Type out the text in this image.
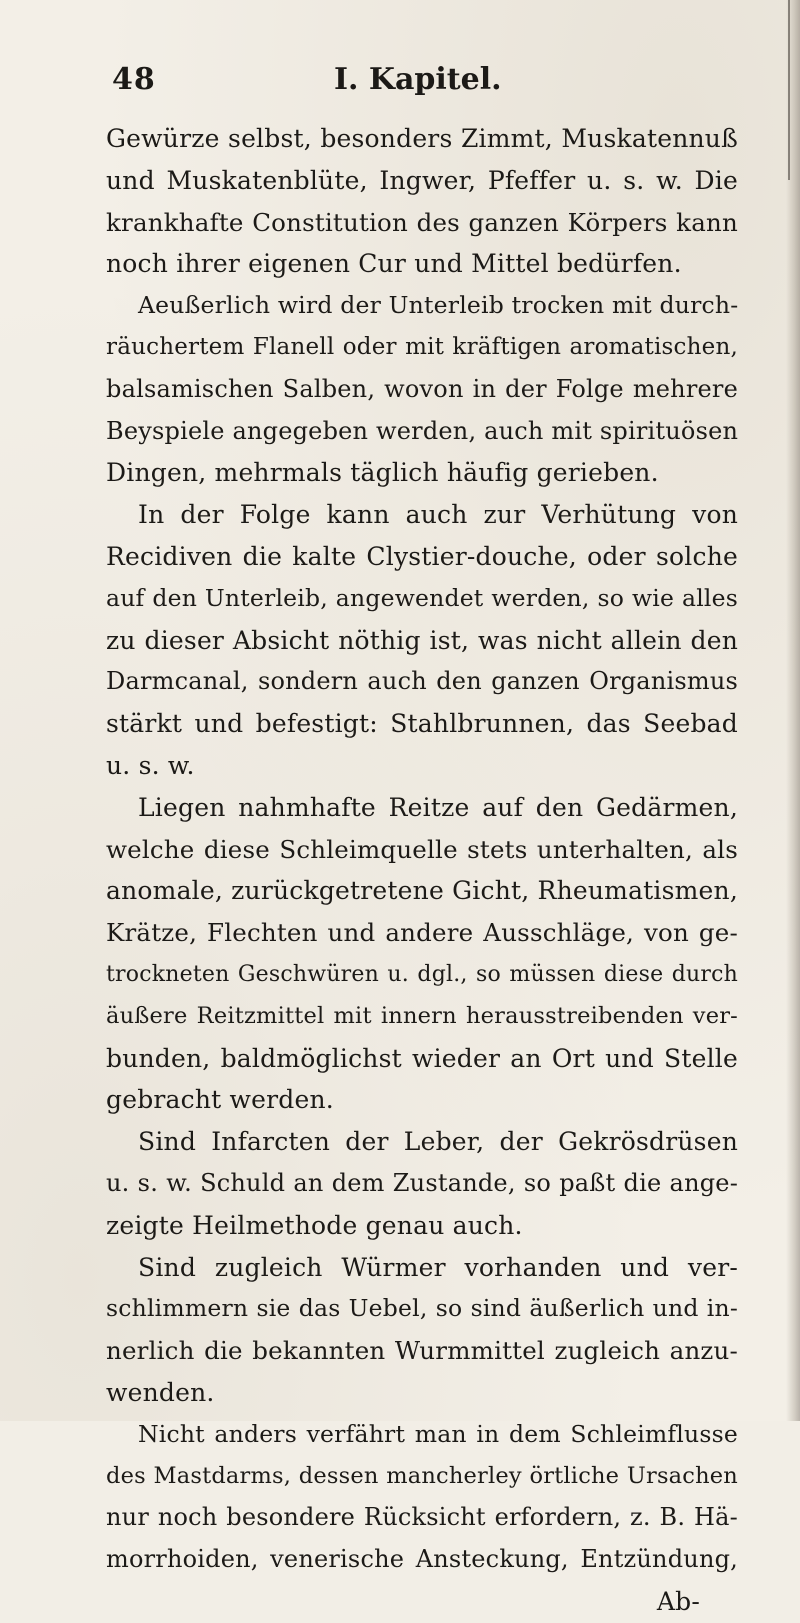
48	I. Kapitel.
Gewürze selbst, besonders Zimmt, Muskatennuß
und Muskatenblüte, Ingwer, Pfeffer u. s. w. Die
krankhafte Constitution des ganzen Körpers kann
noch ihrer eigenen Cur und Mittel bedürfen.
Aeußerlich wird der Unterleib trocken mit durch-
räuchertem Flanell oder mit kräftigen aromatischen,
balsamischen Salben, wovon in der Folge mehrere
Beyspiele angegeben werden, auch mit spirituösen
Dingen, mehrmals täglich häufig gerieben.
In der Folge kann auch zur Verhütung von
Recidiven die kalte Clystier-douche, oder solche
auf den Unterleib, angewendet werden, so wie alles
zu dieser Absicht nöthig ist, was nicht allein den
Darmcanal, sondern auch den ganzen Organismus
stärkt und befestigt: Stahlbrunnen, das Seebad
u. s. w.
Liegen nahmhafte Reitze auf den Gedärmen,
welche diese Schleimquelle stets unterhalten, als
anomale, zurückgetretene Gicht, Rheumatismen,
Krätze, Flechten und andere Ausschläge, von ge-
trockneten Geschwüren u. dgl., so müssen diese durch
äußere Reitzmittel mit innern herausstreibenden ver-
bunden, baldmöglichst wieder an Ort und Stelle
gebracht werden.
Sind Infarcten der Leber, der Gekrösdrüsen
u. s. w. Schuld an dem Zustande, so paßt die ange-
zeigte Heilmethode genau auch.
Sind zugleich Würmer vorhanden und ver-
schlimmern sie das Uebel, so sind äußerlich und in-
nerlich die bekannten Wurmmittel zugleich anzu-
wenden.
Nicht anders verfährt man in dem Schleimflusse
des Mastdarms, dessen mancherley örtliche Ursachen
nur noch besondere Rücksicht erfordern, z. B. Hä-
morrhoiden, venerische Ansteckung, Entzündung,
Ab-
